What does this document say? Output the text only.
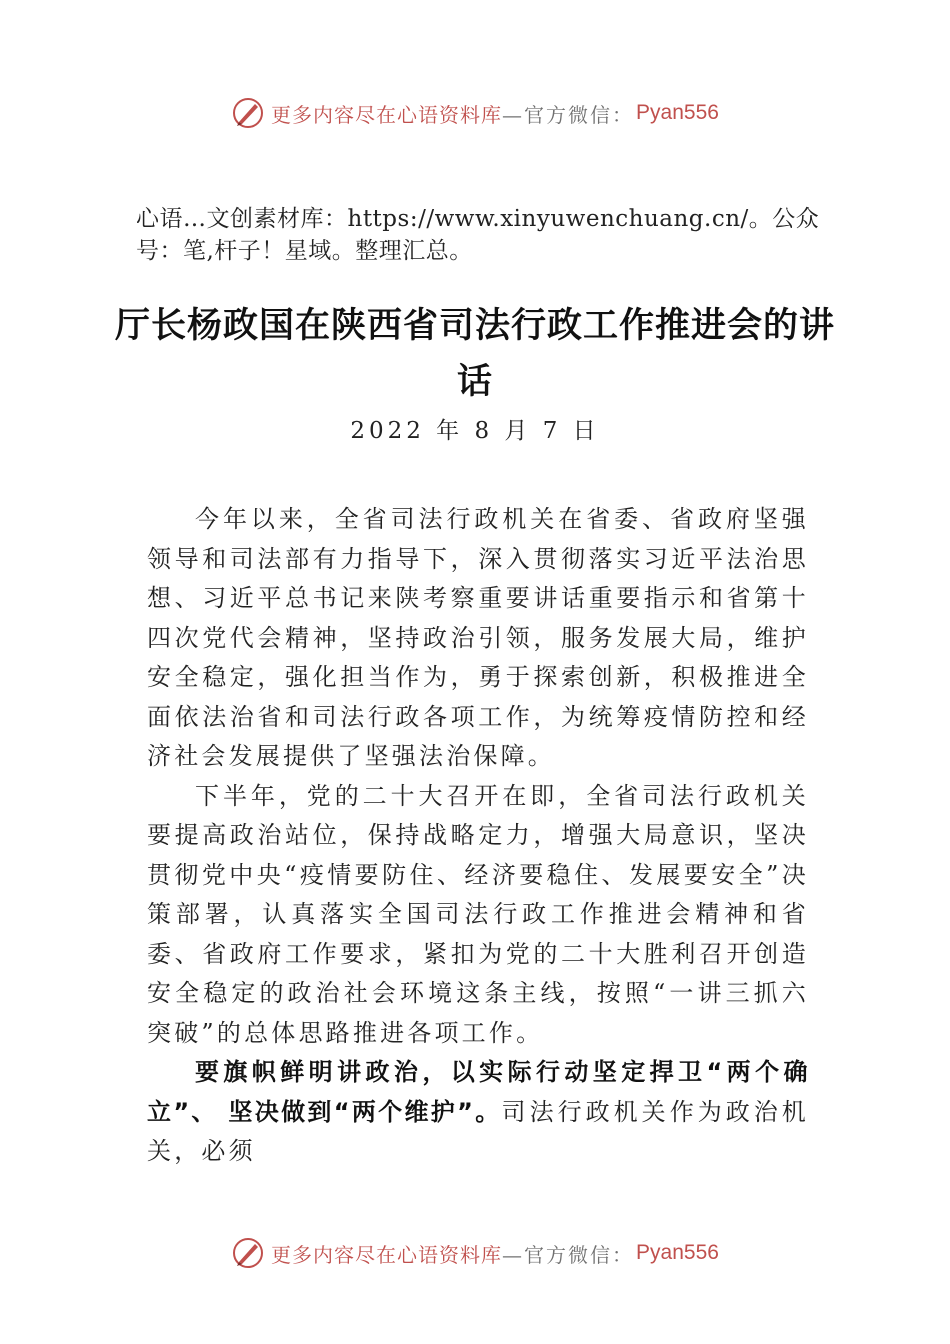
更多内容尽在心语资料库 —官方微信： Pyan556

心语…文创素材库：https://www.xinyuwenchuang.cn/。公众号：笔,杆子！星域。整理汇总。

厅长杨政国在陕西省司法行政工作推进会的讲话
2022 年 8 月 7 日

今年以来，全省司法行政机关在省委、省政府坚强领导和司法部有力指导下，深入贯彻落实习近平法治思想、习近平总书记来陕考察重要讲话重要指示和省第十四次党代会精神，坚持政治引领，服务发展大局，维护安全稳定，强化担当作为，勇于探索创新，积极推进全面依法治省和司法行政各项工作，为统筹疫情防控和经济社会发展提供了坚强法治保障。

下半年，党的二十大召开在即，全省司法行政机关要提高政治站位，保持战略定力，增强大局意识，坚决贯彻党中央“疫情要防住、经济要稳住、发展要安全”决策部署，认真落实全国司法行政工作推进会精神和省委、省政府工作要求，紧扣为党的二十大胜利召开创造安全稳定的政治社会环境这条主线，按照“一讲三抓六突破”的总体思路推进各项工作。

要旗帜鲜明讲政治，以实际行动坚定捍卫“两个确立”、 坚决做到“两个维护”。司法行政机关作为政治机关，必须

更多内容尽在心语资料库 —官方微信： Pyan556
